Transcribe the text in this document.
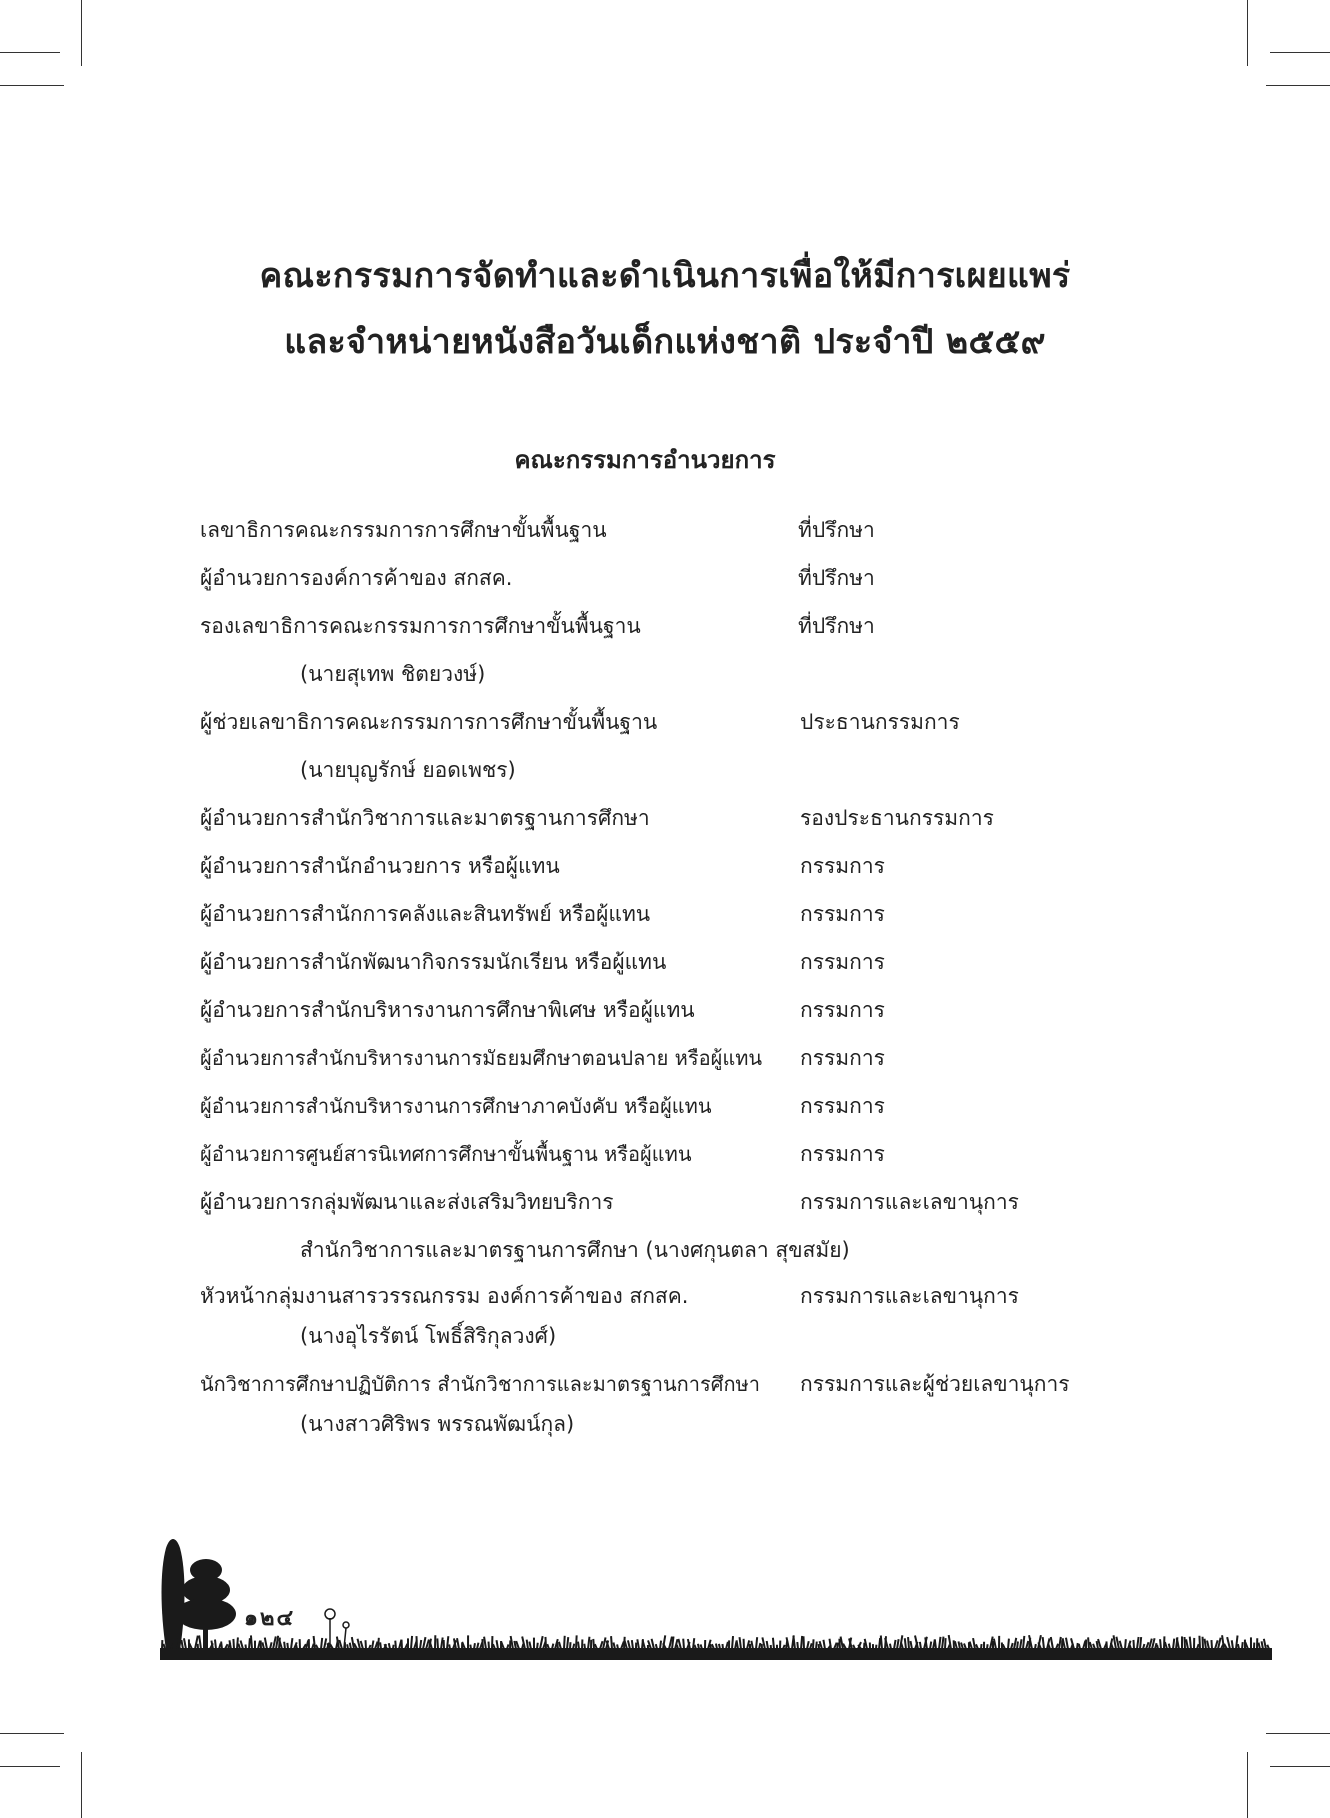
คณะกรรมการจัดทำและดำเนินการเพื่อให้มีการเผยแพร่
และจำหน่ายหนังสือวันเด็กแห่งชาติ ประจำปี ๒๕๕๙
คณะกรรมการอำนวยการ
เลขาธิการคณะกรรมการการศึกษาขั้นพื้นฐาน	ที่ปรึกษา
ผู้อำนวยการองค์การค้าของ สกสค.	ที่ปรึกษา
รองเลขาธิการคณะกรรมการการศึกษาขั้นพื้นฐาน	ที่ปรึกษา
(นายสุเทพ ชิตยวงษ์)
ผู้ช่วยเลขาธิการคณะกรรมการการศึกษาขั้นพื้นฐาน	ประธานกรรมการ
(นายบุญรักษ์ ยอดเพชร)
ผู้อำนวยการสำนักวิชาการและมาตรฐานการศึกษา	รองประธานกรรมการ
ผู้อำนวยการสำนักอำนวยการ หรือผู้แทน	กรรมการ
ผู้อำนวยการสำนักการคลังและสินทรัพย์ หรือผู้แทน	กรรมการ
ผู้อำนวยการสำนักพัฒนากิจกรรมนักเรียน หรือผู้แทน	กรรมการ
ผู้อำนวยการสำนักบริหารงานการศึกษาพิเศษ หรือผู้แทน	กรรมการ
ผู้อำนวยการสำนักบริหารงานการมัธยมศึกษาตอนปลาย หรือผู้แทน กรรมการ
ผู้อำนวยการสำนักบริหารงานการศึกษาภาคบังคับ หรือผู้แทน	กรรมการ
ผู้อำนวยการศูนย์สารนิเทศการศึกษาขั้นพื้นฐาน หรือผู้แทน	กรรมการ
ผู้อำนวยการกลุ่มพัฒนาและส่งเสริมวิทยบริการ	กรรมการและเลขานุการ
สำนักวิชาการและมาตรฐานการศึกษา (นางศกุนตลา สุขสมัย)
หัวหน้ากลุ่มงานสารวรรณกรรม องค์การค้าของ สกสค.	กรรมการและเลขานุการ
(นางอุไรรัตน์ โพธิ์สิริกุลวงศ์)
นักวิชาการศึกษาปฏิบัติการ สำนักวิชาการและมาตรฐานการศึกษา กรรมการและผู้ช่วยเลขานุการ
(นางสาวศิริพร พรรณพัฒน์กุล)
๑๒๔
